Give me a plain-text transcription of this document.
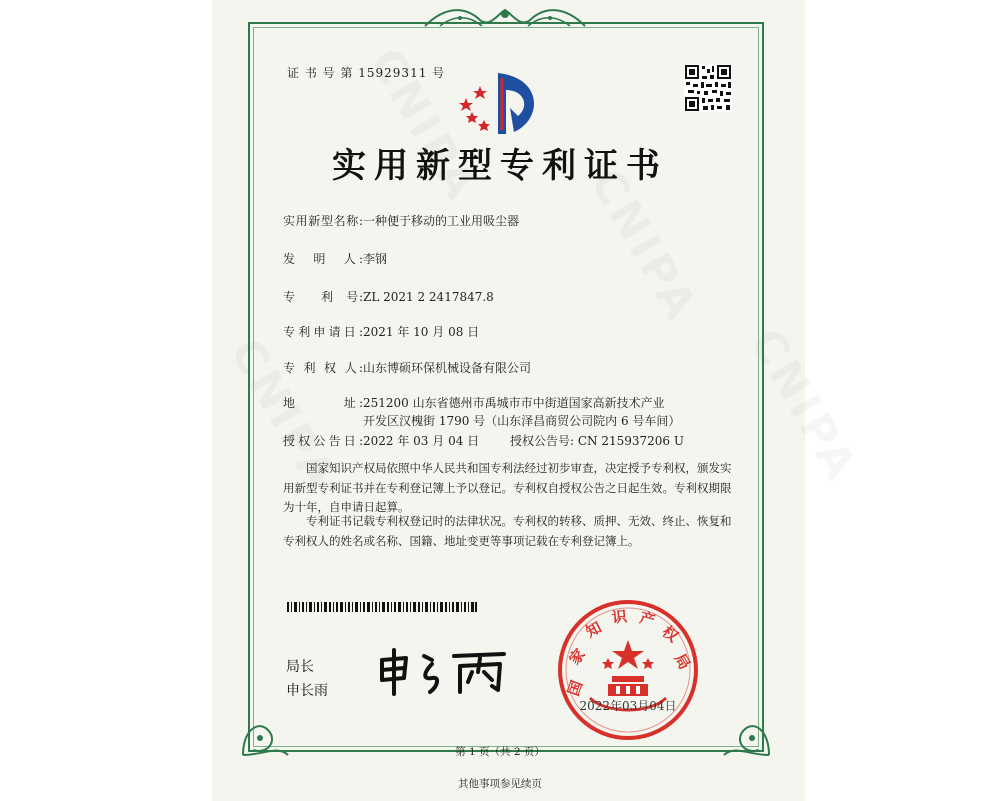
证 书 号 第 15929311 号
实用新型专利证书
实用新型名称:一种便于移动的工业用吸尘器
发　明　人:李钢
专　　利　号:ZL 2021 2 2417847.8
专利申请日:2021 年 10 月 08 日
专 利 权 人:山东博硕环保机械设备有限公司
地　　　址:251200 山东省德州市禹城市市中街道国家高新技术产业
开发区汉槐街 1790 号（山东泽昌商贸公司院内 6 号车间）
授权公告日:2022 年 03 月 04 日	授权公告号: CN 215937206 U
国家知识产权局依照中华人民共和国专利法经过初步审查，决定授予专利权，颁发实用新型专利证书并在专利登记簿上予以登记。专利权自授权公告之日起生效。专利权期限为十年，自申请日起算。
专利证书记载专利权登记时的法律状况。专利权的转移、质押、无效、终止、恢复和专利权人的姓名或名称、国籍、地址变更等事项记载在专利登记簿上。
局长
申长雨	国
家
知
识 产
权
局
2022年03月04日
第 1 页（共 2 页）
其他事项参见续页
